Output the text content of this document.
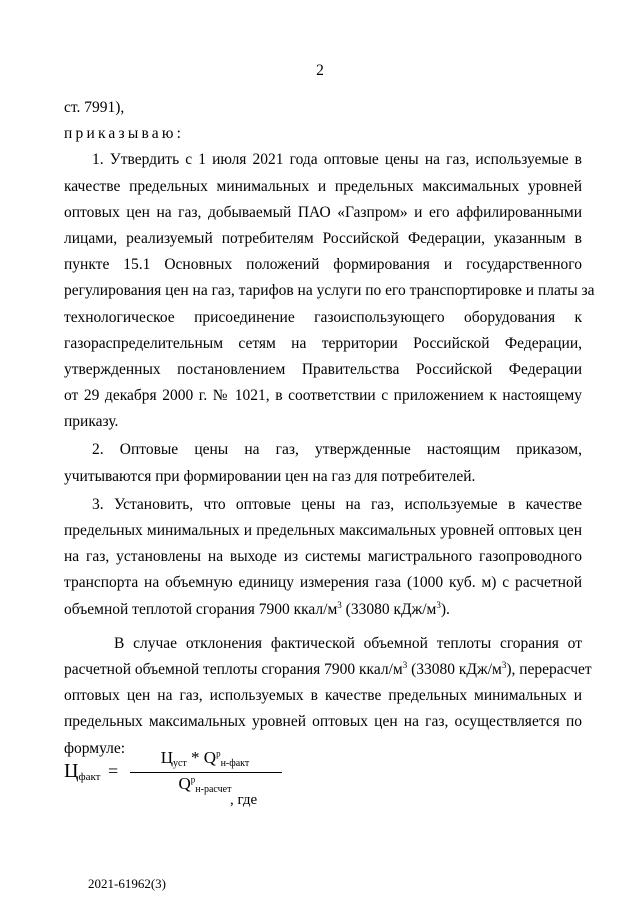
2
ст. 7991),
приказываю:
1. Утвердить с 1 июля 2021 года оптовые цены на газ, используемые в
качестве предельных минимальных и предельных максимальных уровней
оптовых цен на газ, добываемый ПАО «Газпром» и его аффилированными
лицами, реализуемый потребителям Российской Федерации, указанным в
пункте 15.1 Основных положений формирования и государственного
регулирования цен на газ, тарифов на услуги по его транспортировке и платы за
технологическое присоединение газоиспользующего оборудования к
газораспределительным сетям на территории Российской Федерации,
утвержденных постановлением Правительства Российской Федерации
от 29 декабря 2000 г. № 1021, в соответствии с приложением к настоящему
приказу.
2. Оптовые цены на газ, утвержденные настоящим приказом,
учитываются при формировании цен на газ для потребителей.
3. Установить, что оптовые цены на газ, используемые в качестве
предельных минимальных и предельных максимальных уровней оптовых цен
на газ, установлены на выходе из системы магистрального газопроводного
транспорта на объемную единицу измерения газа (1000 куб. м) с расчетной
объемной теплотой сгорания 7900 ккал/$м^3$ (33080 кДж/$м^3$).
В случае отклонения фактической объемной теплоты сгорания от
расчетной объемной теплоты сгорания 7900 ккал/$м^3$ (33080 кДж/$м^3$), перерасчет
оптовых цен на газ, используемых в качестве предельных минимальных и
предельных максимальных уровней оптовых цен на газ, осуществляется по
формуле:
$Ц_{факт}$ =
$Ц_{уст} * Q^р_{н-факт}$
$Q^р_{н-расчет}$
, где
2021-61962(3)
